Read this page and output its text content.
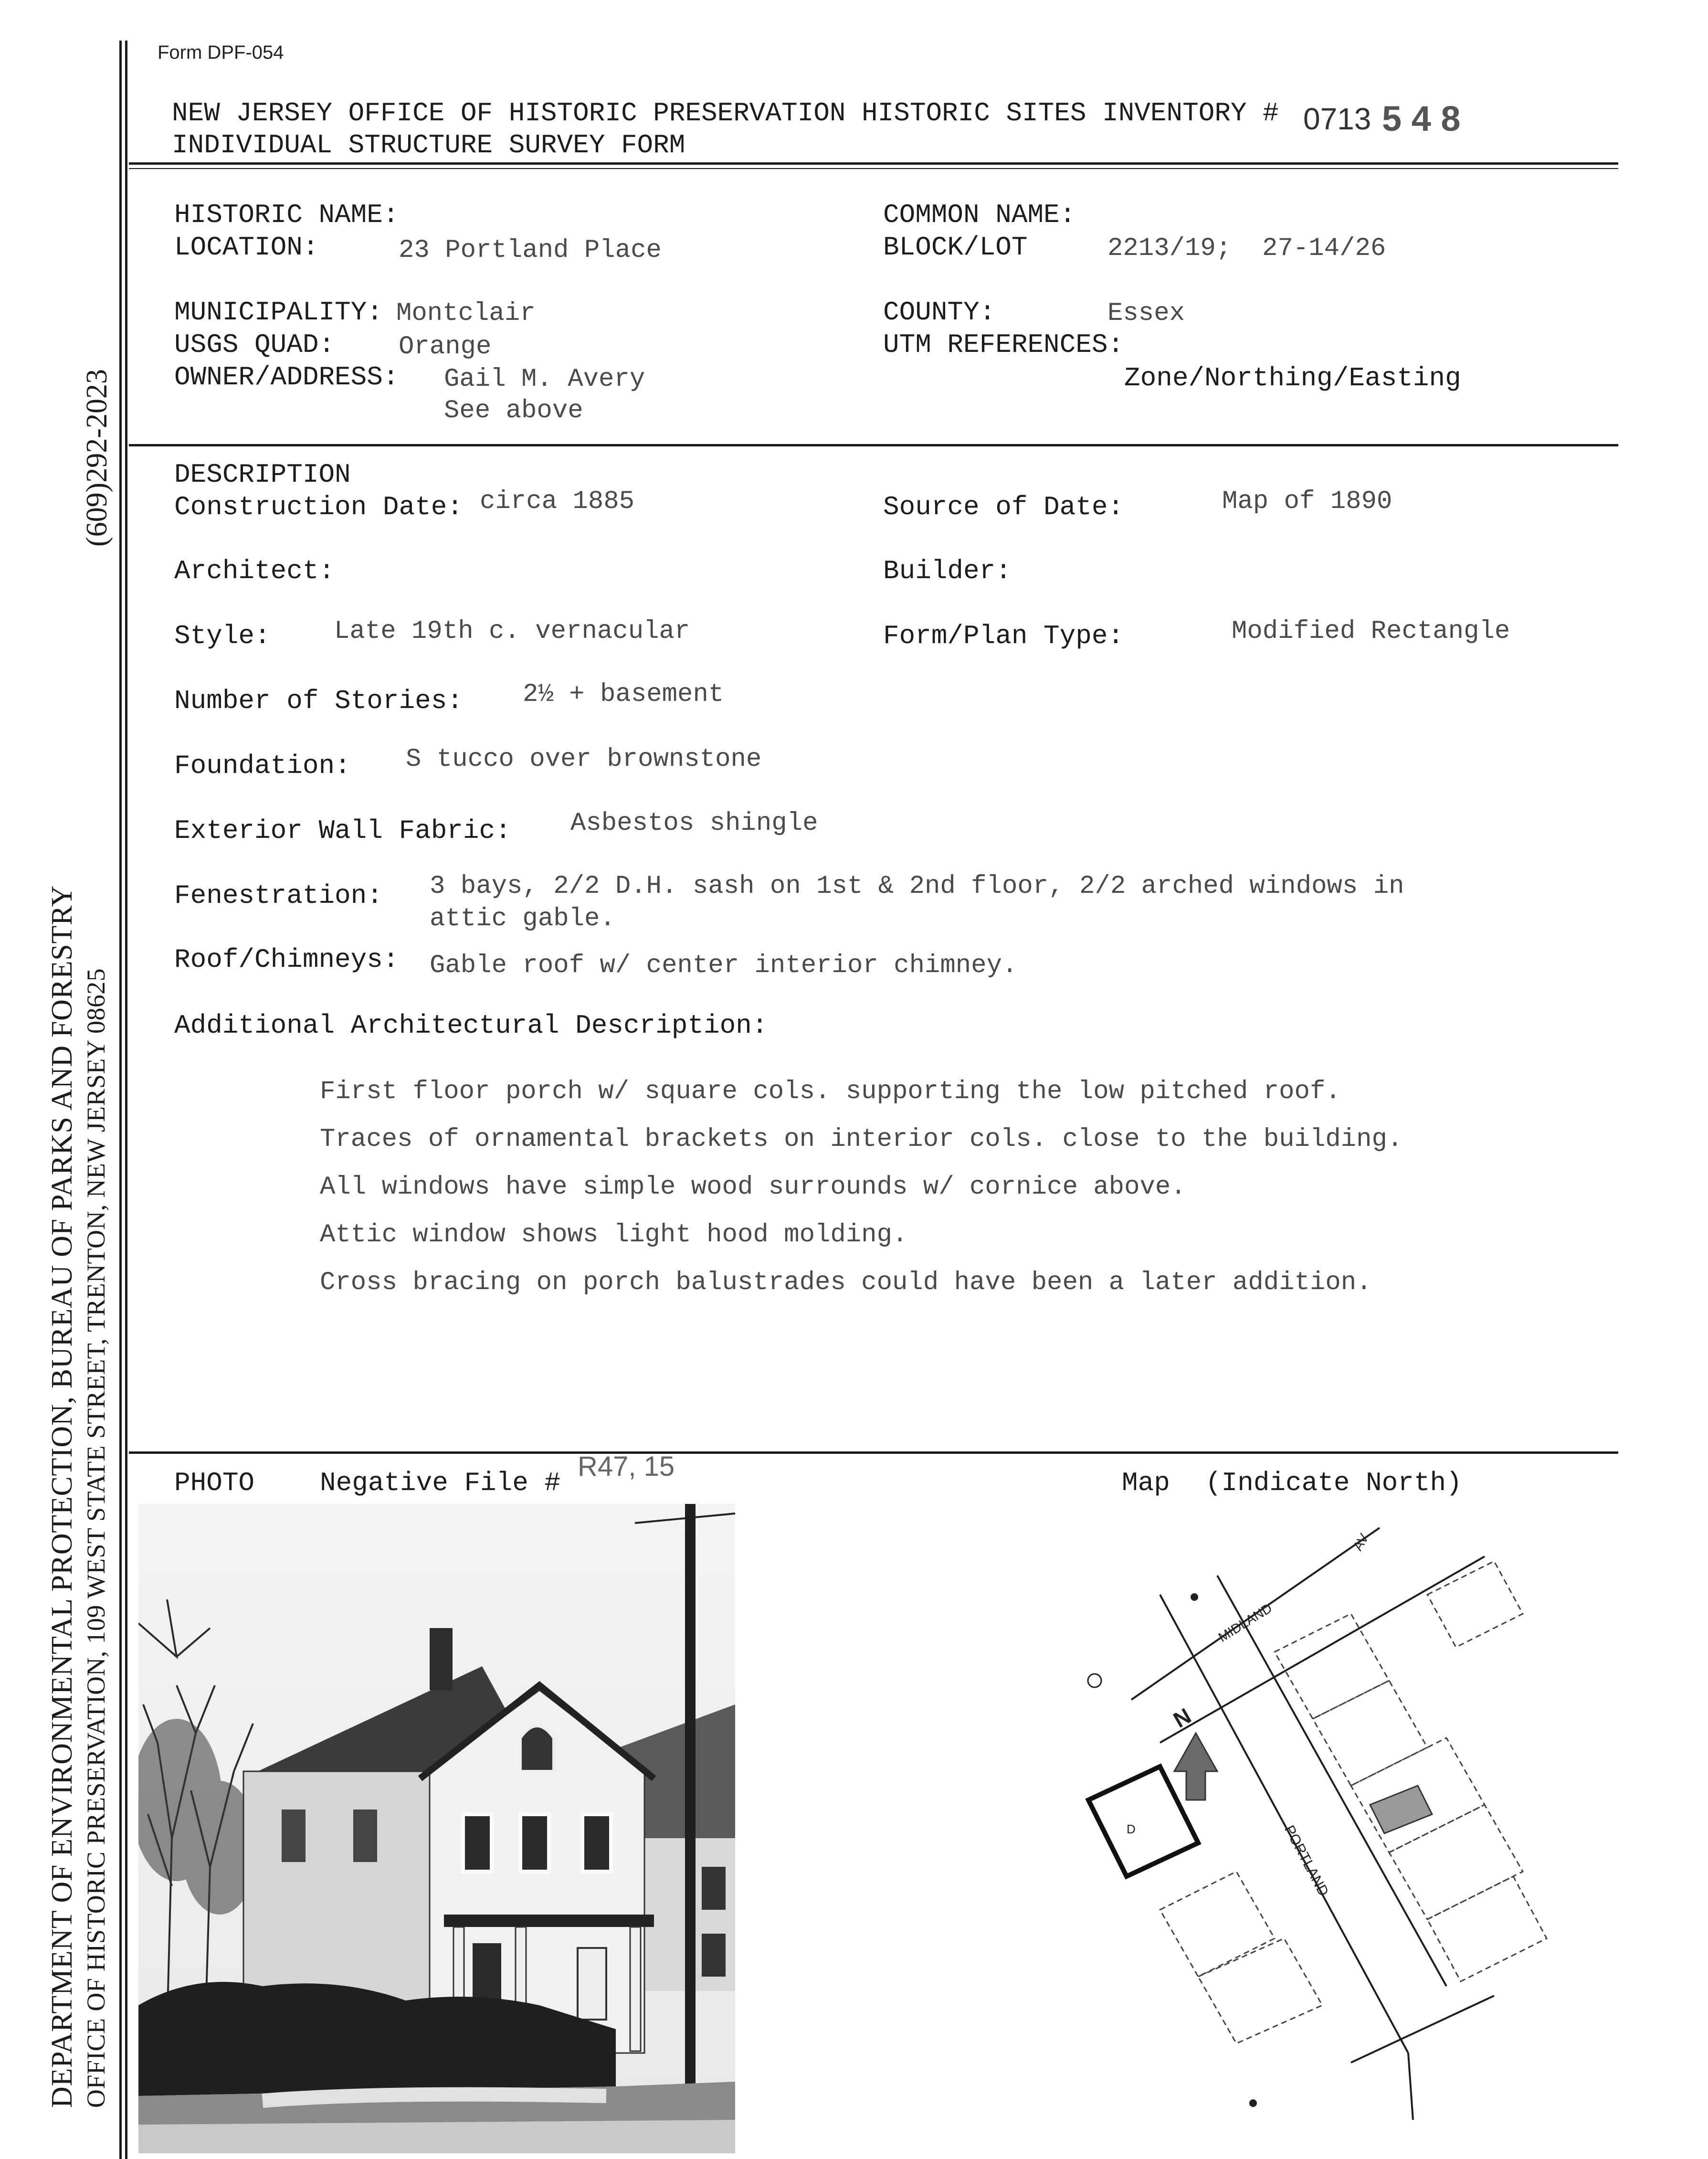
Form DPF-054
(609)292-2023
DEPARTMENT OF ENVIRONMENTAL PROTECTION, BUREAU OF PARKS AND FORESTRY OFFICE OF HISTORIC PRESERVATION, 109 WEST STATE STREET, TRENTON, NEW JERSEY 08625
NEW JERSEY OFFICE OF HISTORIC PRESERVATION HISTORIC SITES INVENTORY # 0713 5 4 8
INDIVIDUAL STRUCTURE SURVEY FORM
HISTORIC NAME:	COMMON NAME:
LOCATION:	23 Portland Place	BLOCK/LOT	2213/19;  27-14/26
MUNICIPALITY: Montclair	COUNTY:	Essex
USGS QUAD: Orange	UTM REFERENCES:
OWNER/ADDRESS: Gail M. Avery	Zone/Northing/Easting
See above
DESCRIPTION
Construction Date: circa 1885	Source of Date:	Map of 1890
Architect:	Builder:
Style: Late 19th c. vernacular	Form/Plan Type:	Modified Rectangle
Number of Stories: 2½ + basement
Foundation: S tucco over brownstone
Exterior Wall Fabric: Asbestos shingle
Fenestration: 3 bays, 2/2 D.H. sash on 1st & 2nd floor, 2/2 arched windows in
attic gable.
Roof/Chimneys: Gable roof w/ center interior chimney.
Additional Architectural Description:
First floor porch w/ square cols. supporting the low pitched roof.
Traces of ornamental brackets on interior cols. close to the building.
All windows have simple wood surrounds w/ cornice above.
Attic window shows light hood molding.
Cross bracing on porch balustrades could have been a later addition.
PHOTO Negative File #
R47, 15
Map (Indicate North)
N
MIDLAND
AV
PORTLAND
D
